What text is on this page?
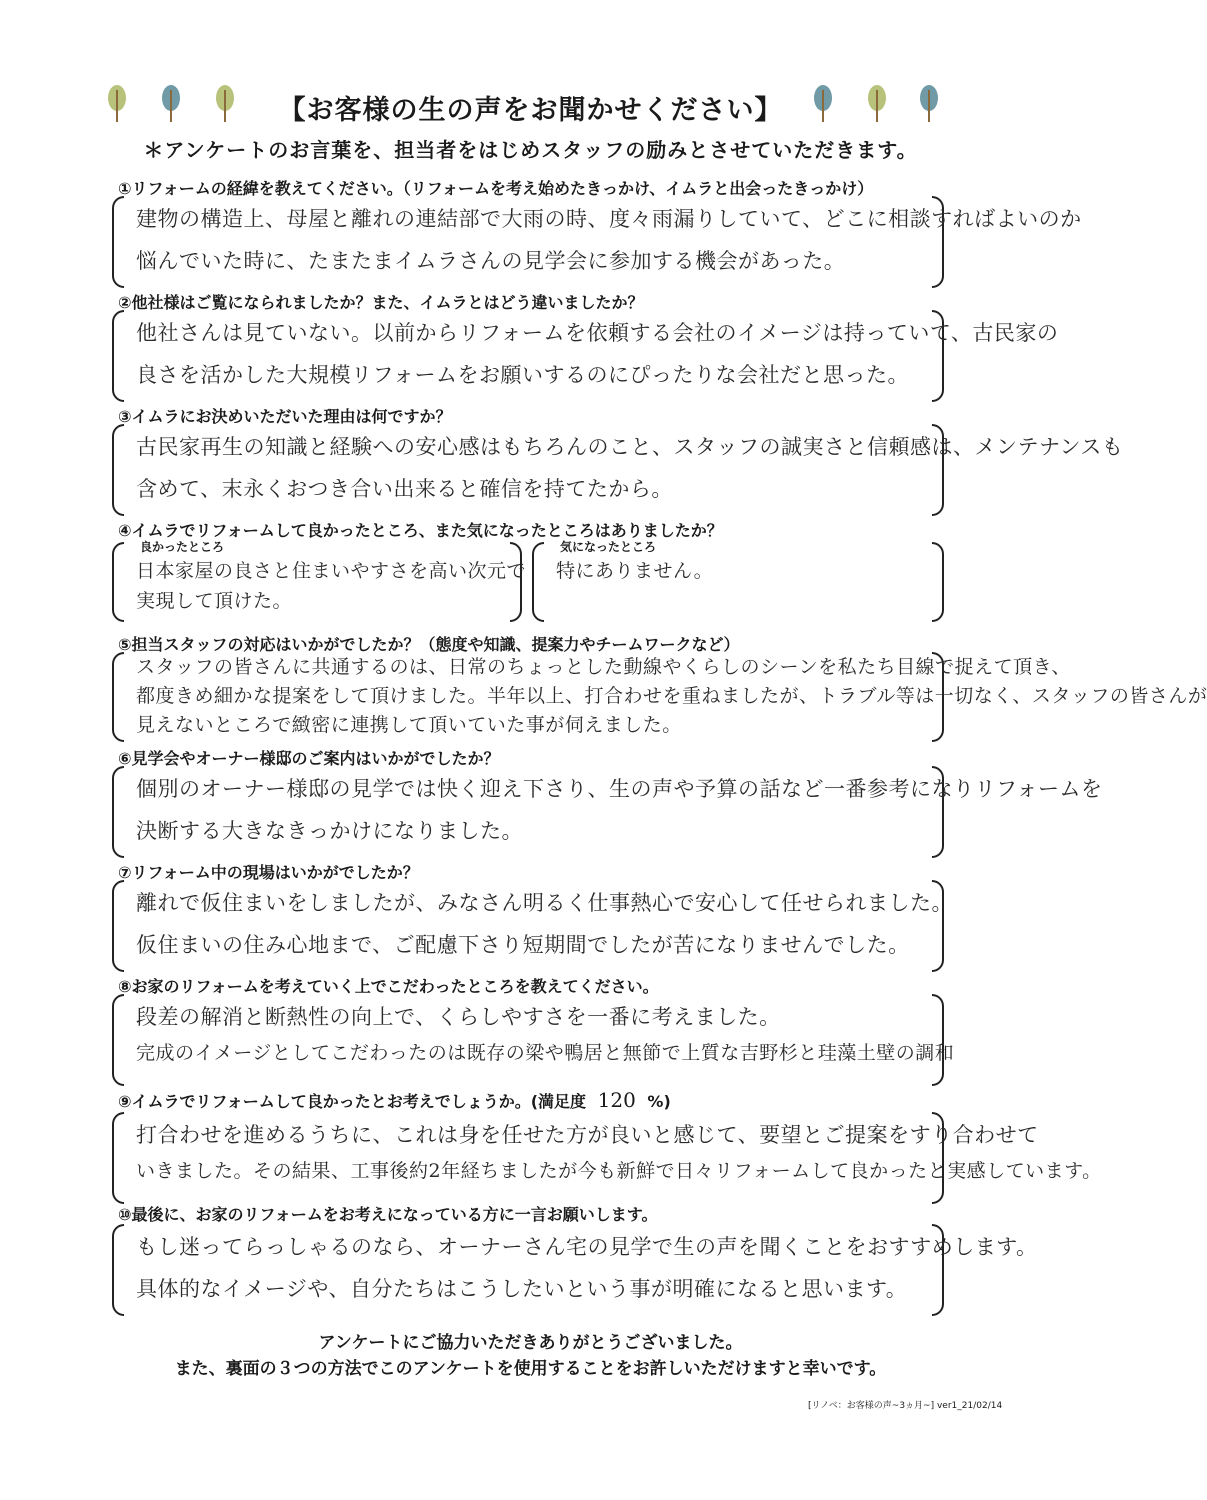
【お客様の生の声をお聞かせください】
＊アンケートのお言葉を、担当者をはじめスタッフの励みとさせていただきます。
①リフォームの経緯を教えてください。（リフォームを考え始めたきっかけ、イムラと出会ったきっかけ）
建物の構造上、母屋と離れの連結部で大雨の時、度々雨漏りしていて、どこに相談すればよいのか
悩んでいた時に、たまたまイムラさんの見学会に参加する機会があった。
②他社様はご覧になられましたか？また、イムラとはどう違いましたか？
他社さんは見ていない。以前からリフォームを依頼する会社のイメージは持っていて、古民家の
良さを活かした大規模リフォームをお願いするのにぴったりな会社だと思った。
③イムラにお決めいただいた理由は何ですか？
古民家再生の知識と経験への安心感はもちろんのこと、スタッフの誠実さと信頼感は、メンテナンスも
含めて、末永くおつき合い出来ると確信を持てたから。
④イムラでリフォームして良かったところ、また気になったところはありましたか？
良かったところ
日本家屋の良さと住まいやすさを高い次元で
実現して頂けた。
気になったところ
特にありません。
⑤担当スタッフの対応はいかがでしたか？（態度や知識、提案力やチームワークなど）
スタッフの皆さんに共通するのは、日常のちょっとした動線やくらしのシーンを私たち目線で捉えて頂き、
都度きめ細かな提案をして頂けました。半年以上、打合わせを重ねましたが、トラブル等は一切なく、スタッフの皆さんが
見えないところで緻密に連携して頂いていた事が伺えました。
⑥見学会やオーナー様邸のご案内はいかがでしたか？
個別のオーナー様邸の見学では快く迎え下さり、生の声や予算の話など一番参考になりリフォームを
決断する大きなきっかけになりました。
⑦リフォーム中の現場はいかがでしたか？
離れで仮住まいをしましたが、みなさん明るく仕事熱心で安心して任せられました。
仮住まいの住み心地まで、ご配慮下さり短期間でしたが苦になりませんでした。
⑧お家のリフォームを考えていく上でこだわったところを教えてください。
段差の解消と断熱性の向上で、くらしやすさを一番に考えました。
完成のイメージとしてこだわったのは既存の梁や鴨居と無節で上質な吉野杉と珪藻土壁の調和
⑨イムラでリフォームして良かったとお考えでしょうか。(満足度 120 %)
打合わせを進めるうちに、これは身を任せた方が良いと感じて、要望とご提案をすり合わせて
いきました。その結果、工事後約2年経ちましたが今も新鮮で日々リフォームして良かったと実感しています。
⑩最後に、お家のリフォームをお考えになっている方に一言お願いします。
もし迷ってらっしゃるのなら、オーナーさん宅の見学で生の声を聞くことをおすすめします。
具体的なイメージや、自分たちはこうしたいという事が明確になると思います。
アンケートにご協力いただきありがとうございました。
また、裏面の３つの方法でこのアンケートを使用することをお許しいただけますと幸いです。
[リノベ：お客様の声~3ヵ月~] ver1_21/02/14
